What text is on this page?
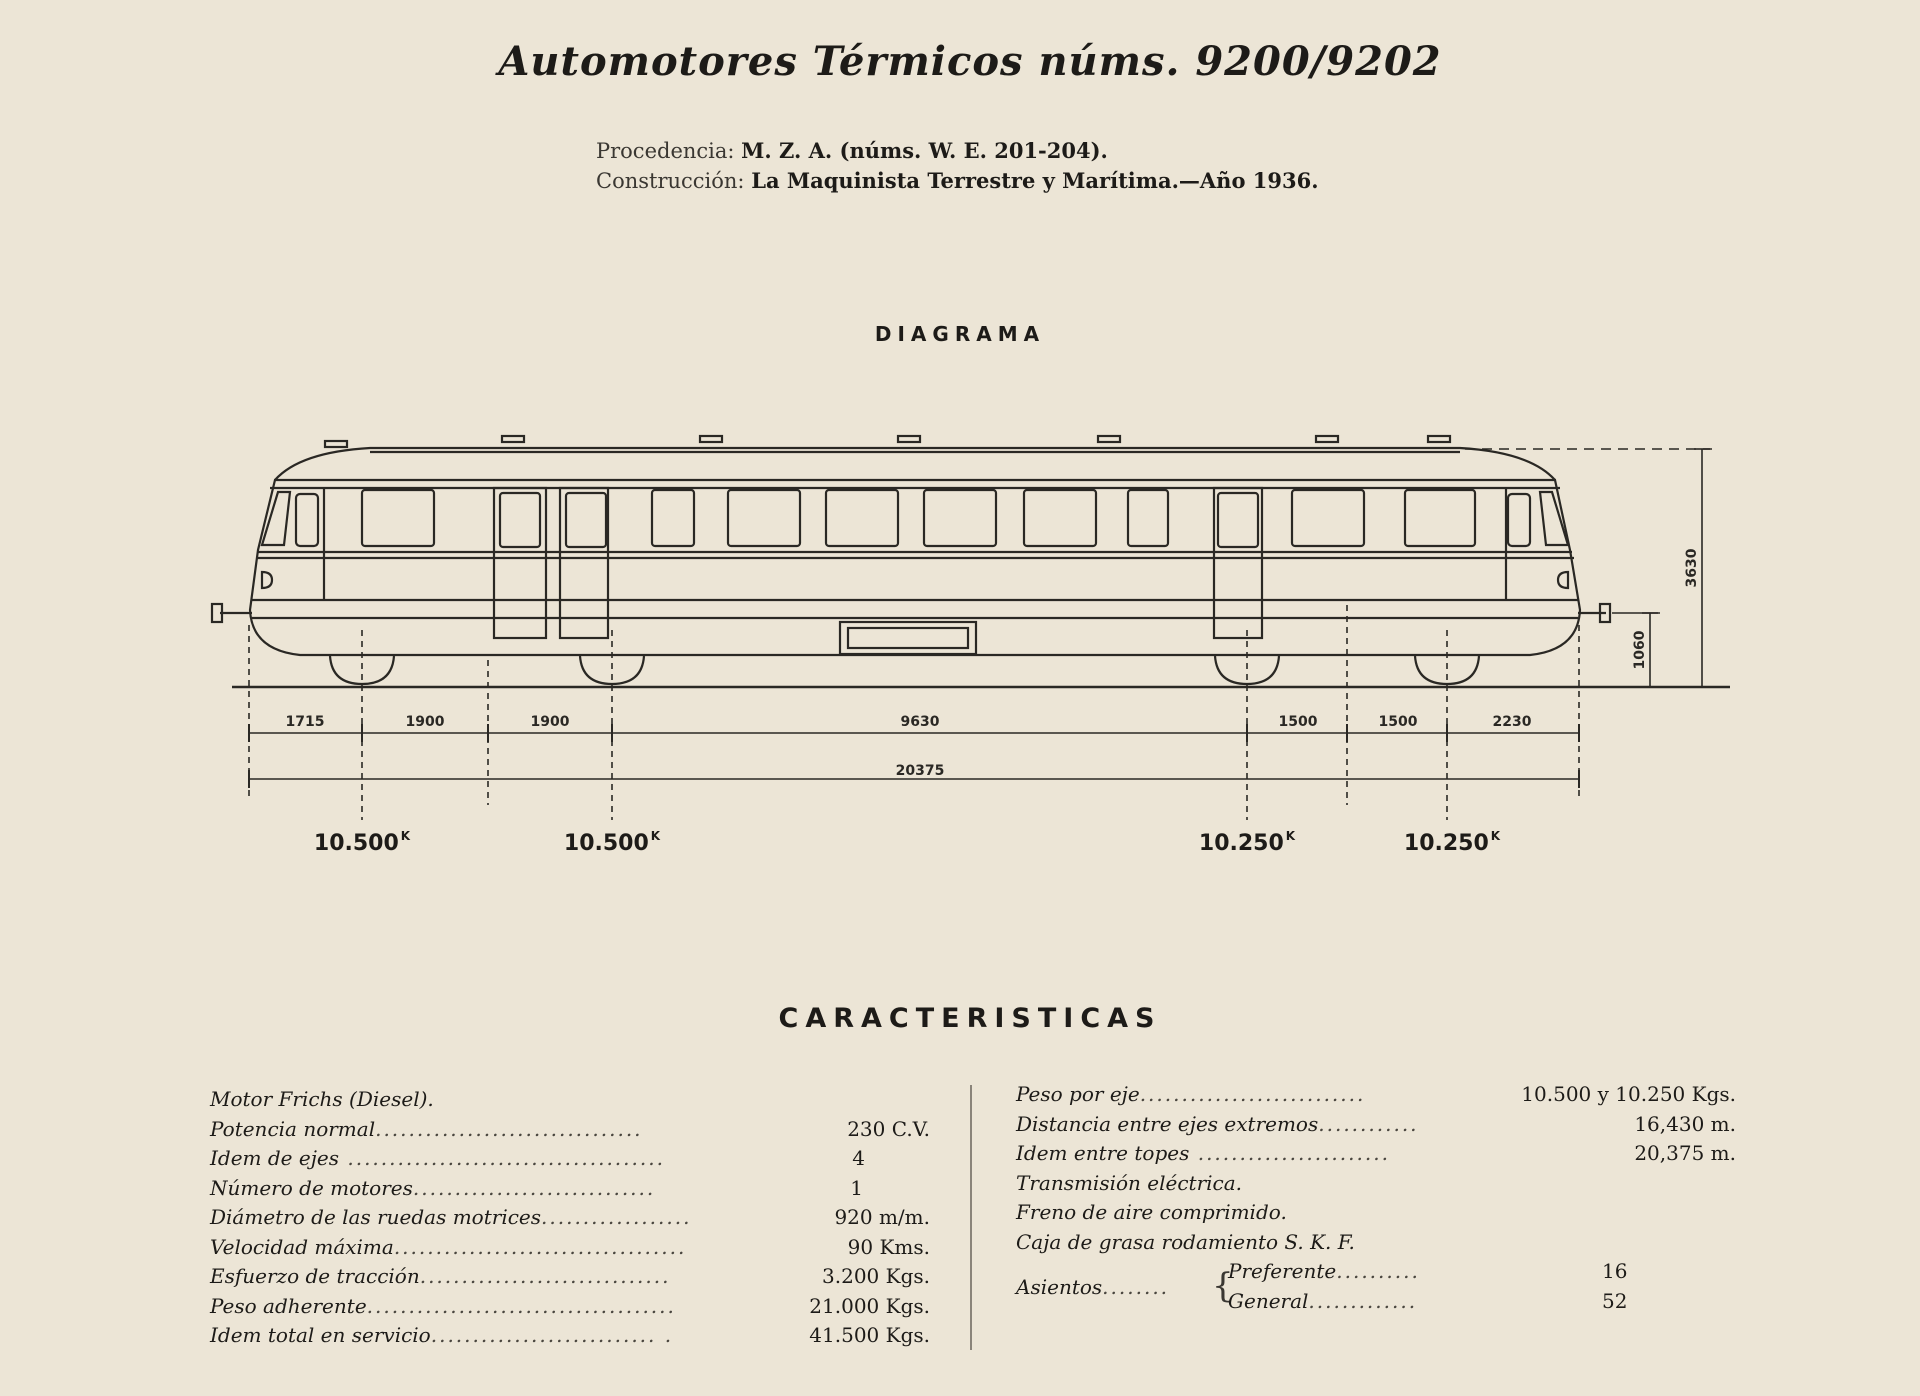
Automotores Térmicos núms. 9200/9202
Procedencia: M. Z. A. (núms. W. E. 201-204).
Construcción: La Maquinista Terrestre y Marítima.—Año 1936.
DIAGRAMA
1715	1900	1900	9630	1500	1500	2230
20375
3630
1060
10.500 $^K$	10.500 $^K$	10.250 $^K$	10.250 $^K$
CARACTERISTICAS
Motor Frichs (Diesel).
Potencia normal................................	230 C.V.
Idem de ejes ......................................	4
Número de motores.............................	1
Diámetro de las ruedas motrices..................	920 m/m.
Velocidad máxima...................................	90 Kms.
Esfuerzo de tracción..............................	3.200 Kgs.
Peso adherente.....................................	21.000 Kgs.
Idem total en servicio........................... .	41.500 Kgs.
Peso por eje...........................	10.500 y 10.250 Kgs.
Distancia entre ejes extremos............	16,430 m.
Idem entre topes .......................	20,375 m.
Transmisión eléctrica.
Freno de aire comprimido.
Caja de grasa rodamiento S. K. F.
Asientos........ {
Preferente..........	16
General.............	52
